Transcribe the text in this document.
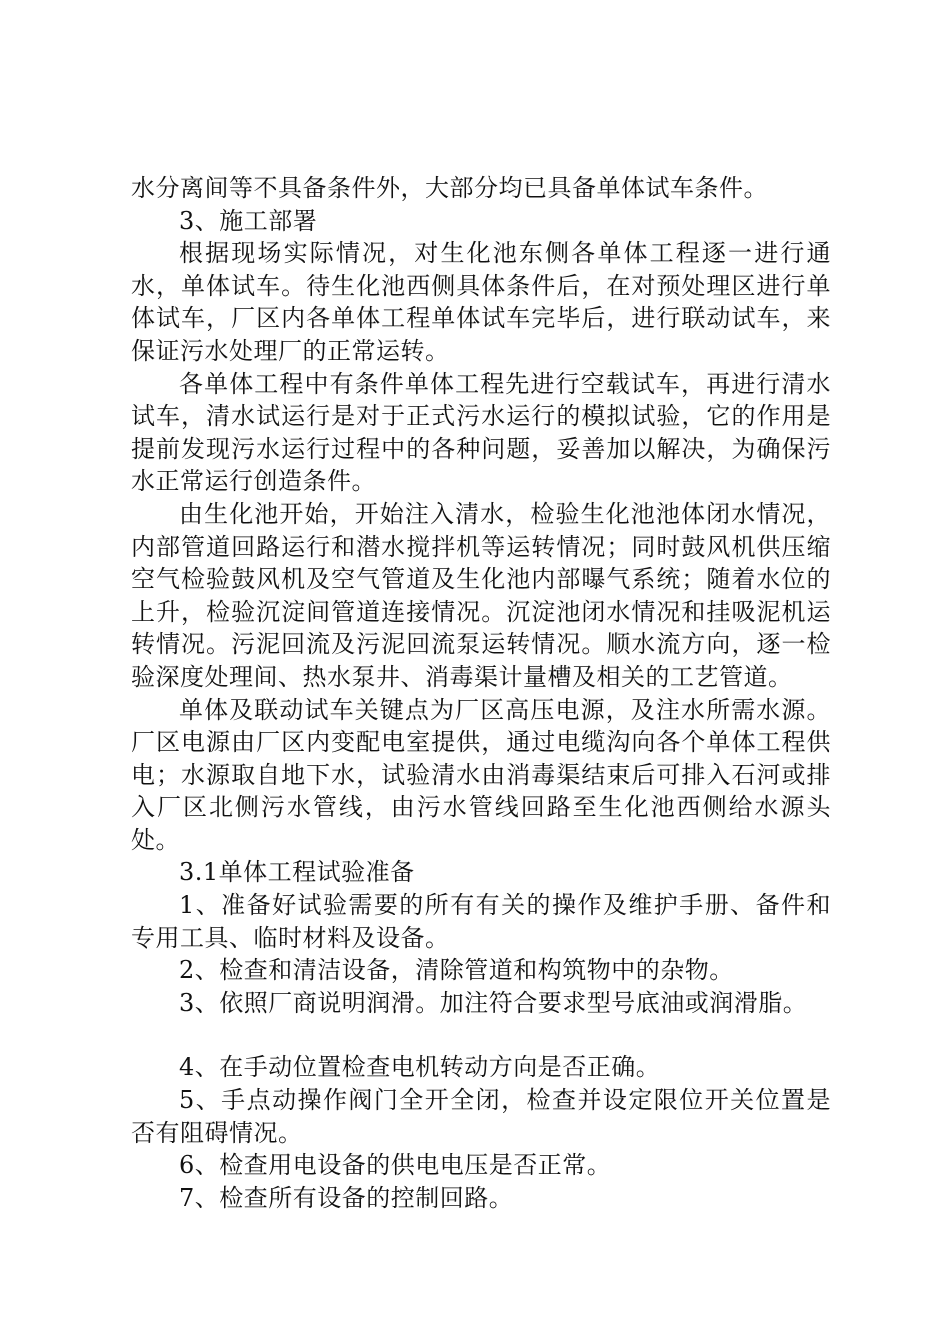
水分离间等不具备条件外，大部分均已具备单体试车条件。

3、施工部署

根据现场实际情况，对生化池东侧各单体工程逐一进行通水，单体试车。待生化池西侧具体条件后，在对预处理区进行单体试车，厂区内各单体工程单体试车完毕后，进行联动试车，来保证污水处理厂的正常运转。

各单体工程中有条件单体工程先进行空载试车，再进行清水试车，清水试运行是对于正式污水运行的模拟试验，它的作用是提前发现污水运行过程中的各种问题，妥善加以解决，为确保污水正常运行创造条件。

由生化池开始，开始注入清水，检验生化池池体闭水情况，内部管道回路运行和潜水搅拌机等运转情况；同时鼓风机供压缩空气检验鼓风机及空气管道及生化池内部曝气系统；随着水位的上升，检验沉淀间管道连接情况。沉淀池闭水情况和挂吸泥机运转情况。污泥回流及污泥回流泵运转情况。顺水流方向，逐一检验深度处理间、热水泵井、消毒渠计量槽及相关的工艺管道。

单体及联动试车关键点为厂区高压电源，及注水所需水源。厂区电源由厂区内变配电室提供，通过电缆沟向各个单体工程供电；水源取自地下水，试验清水由消毒渠结束后可排入石河或排入厂区北侧污水管线，由污水管线回路至生化池西侧给水源头处。

3.1单体工程试验准备

1、准备好试验需要的所有有关的操作及维护手册、备件和专用工具、临时材料及设备。

2、检查和清洁设备，清除管道和构筑物中的杂物。

3、依照厂商说明润滑。加注符合要求型号底油或润滑脂。

4、在手动位置检查电机转动方向是否正确。

5、手点动操作阀门全开全闭，检查并设定限位开关位置是否有阻碍情况。

6、检查用电设备的供电电压是否正常。

7、检查所有设备的控制回路。
